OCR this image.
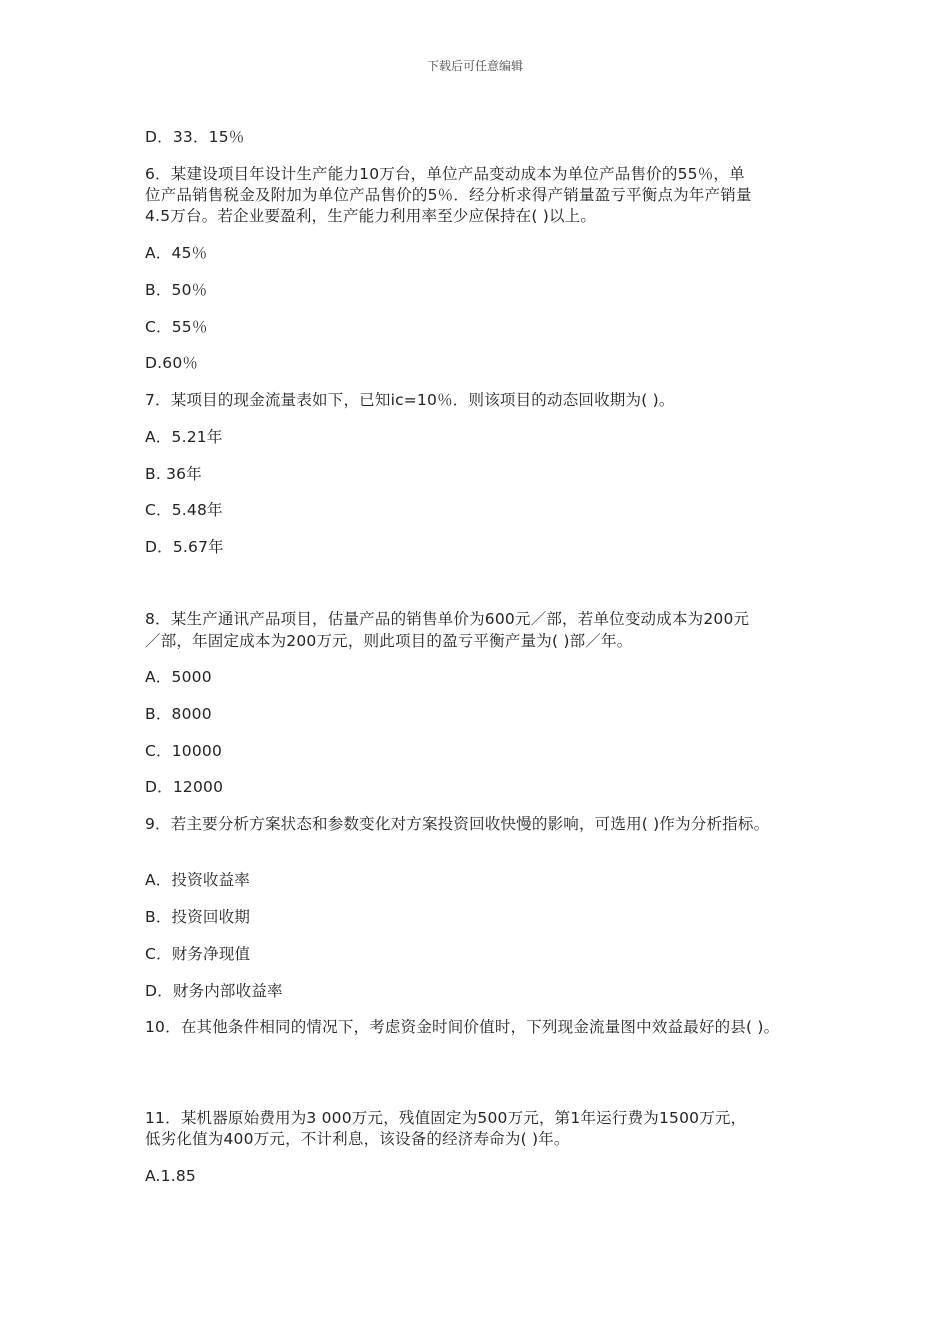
下载后可任意编辑
D．33．15％
6．某建设项目年设计生产能力10万台，单位产品变动成本为单位产品售价的55％，单
位产品销售税金及附加为单位产品售价的5％．经分析求得产销量盈亏平衡点为年产销量
4.5万台。若企业要盈利，生产能力利用率至少应保持在( )以上。
A．45％
B．50％
C．55％
D.60％
7．某项目的现金流量表如下，已知ic=10％．则该项目的动态回收期为( )。
A．5.21年
B. 36年
C．5.48年
D．5.67年
8．某生产通讯产品项目，估量产品的销售单价为600元／部，若单位变动成本为200元
／部，年固定成本为200万元，则此项目的盈亏平衡产量为( )部／年。
A．5000
B．8000
C．10000
D．12000
9．若主要分析方案状态和参数变化对方案投资回收快慢的影响，可选用( )作为分析指标。
A．投资收益率
B．投资回收期
C．财务净现值
D．财务内部收益率
10．在其他条件相同的情况下，考虑资金时间价值时，下列现金流量图中效益最好的县( )。
11．某机器原始费用为3 000万元，残值固定为500万元，第1年运行费为1500万元，
低劣化值为400万元，不计利息，该设备的经济寿命为( )年。
A.1.85
